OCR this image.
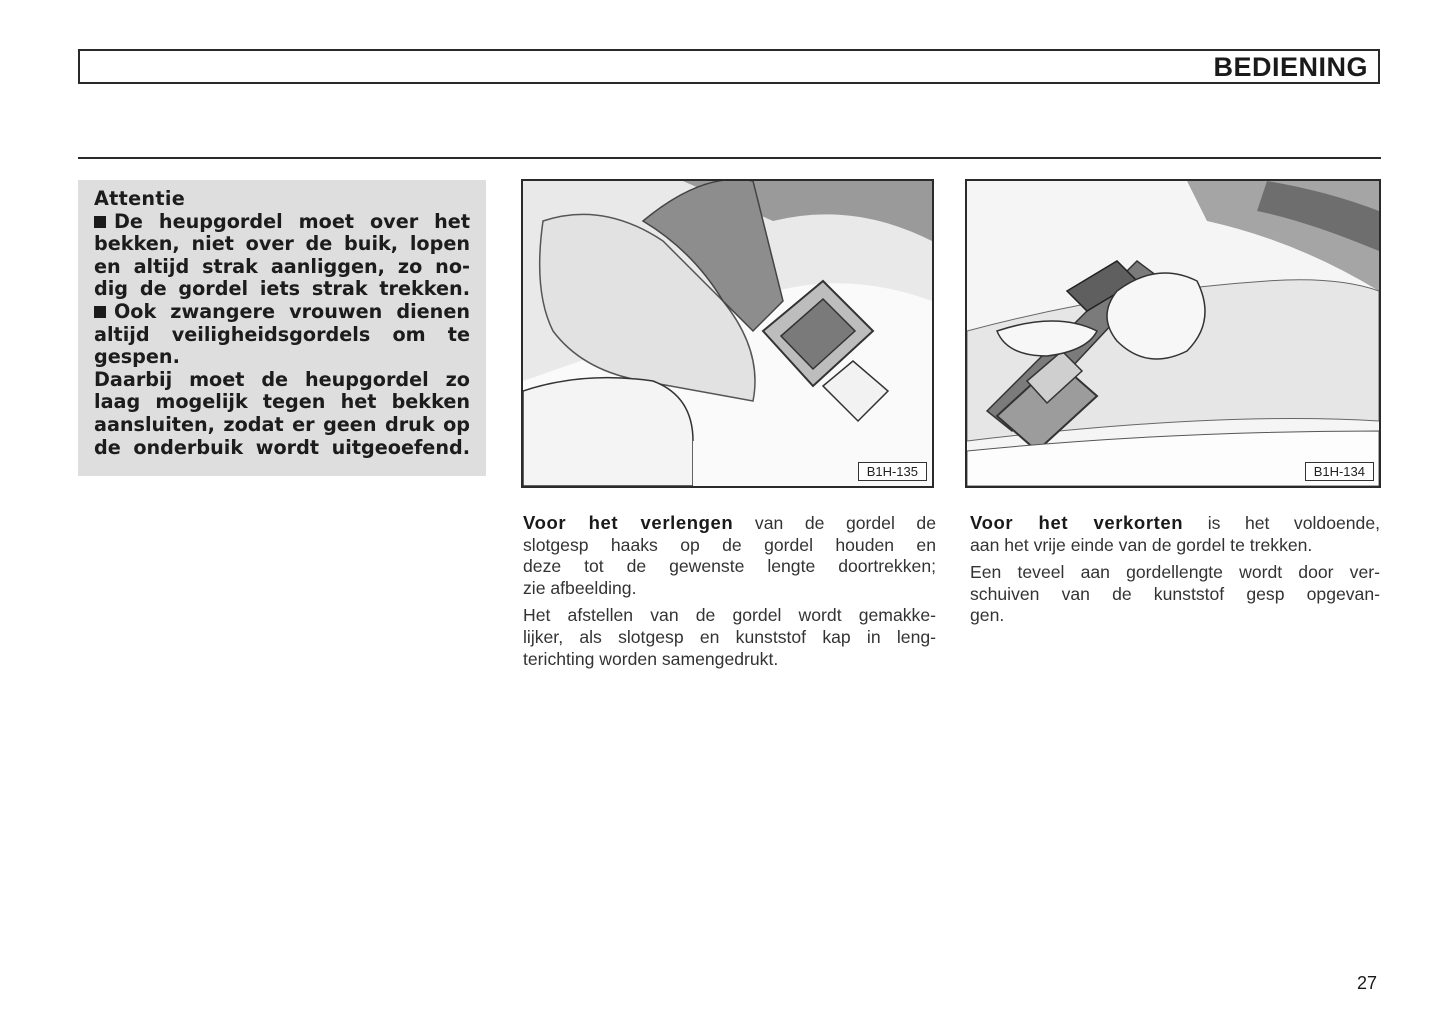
BEDIENING
Attentie
De heupgordel moet over het
bekken, niet over de buik, lopen
en altijd strak aanliggen, zo no-
dig de gordel iets strak trekken.
Ook zwangere vrouwen dienen
altijd veiligheidsgordels om te
gespen.
Daarbij moet de heupgordel zo
laag mogelijk tegen het bekken
aansluiten, zodat er geen druk op
de onderbuik wordt uitgeoefend.
B1H-135	B1H-134

Voor het verlengen van de gordel de
slotgesp haaks op de gordel houden en
deze tot de gewenste lengte doortrekken;
zie afbeelding.

Het afstellen van de gordel wordt gemakke-
lijker, als slotgesp en kunststof kap in leng-
terichting worden samengedrukt.

Voor het verkorten is het voldoende,
aan het vrije einde van de gordel te trekken.

Een teveel aan gordellengte wordt door ver-
schuiven van de kunststof gesp opgevan-
gen.

27
